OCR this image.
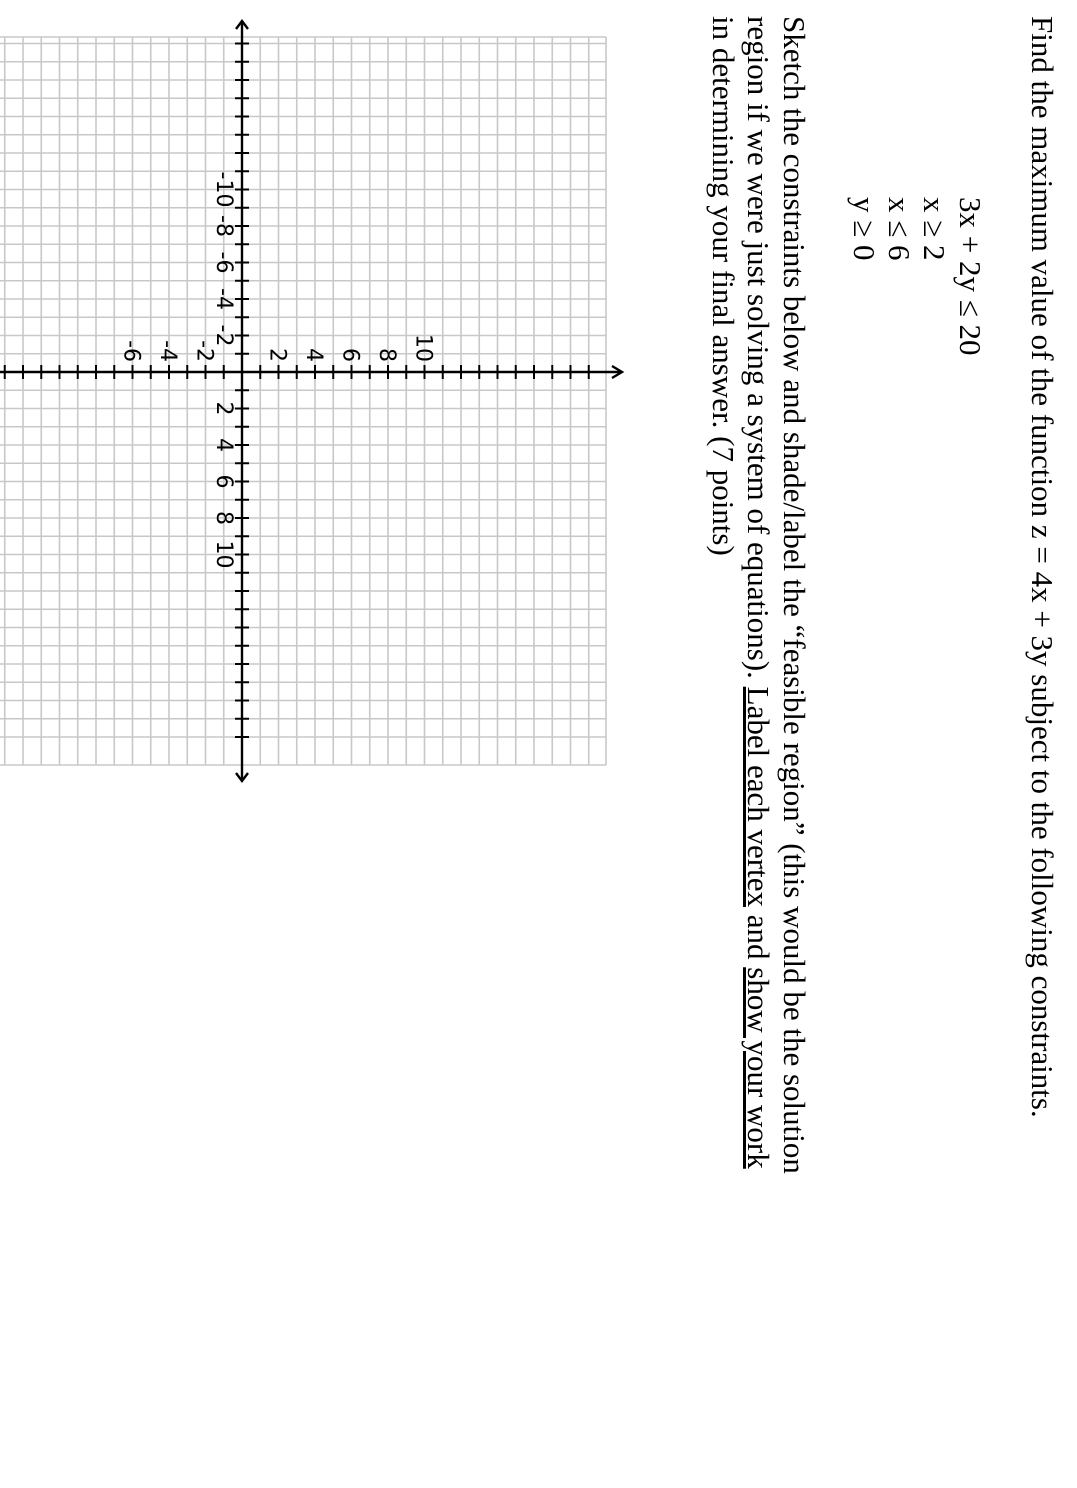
Find the maximum value of the function z = 4x + 3y subject to the following constraints.
3x + 2y ≤ 20
x ≥ 2
x ≤ 6
y ≥ 0
Sketch the constraints below and shade/label the “feasible region” (this would be the solution
region if we were just solving a system of equations). Label each vertex and show your work
in determining your final answer. (7 points)
-10
-8
-6
-4
-2
2
4
6
8
10
10
8
6
4
2
-2
-4
-6
